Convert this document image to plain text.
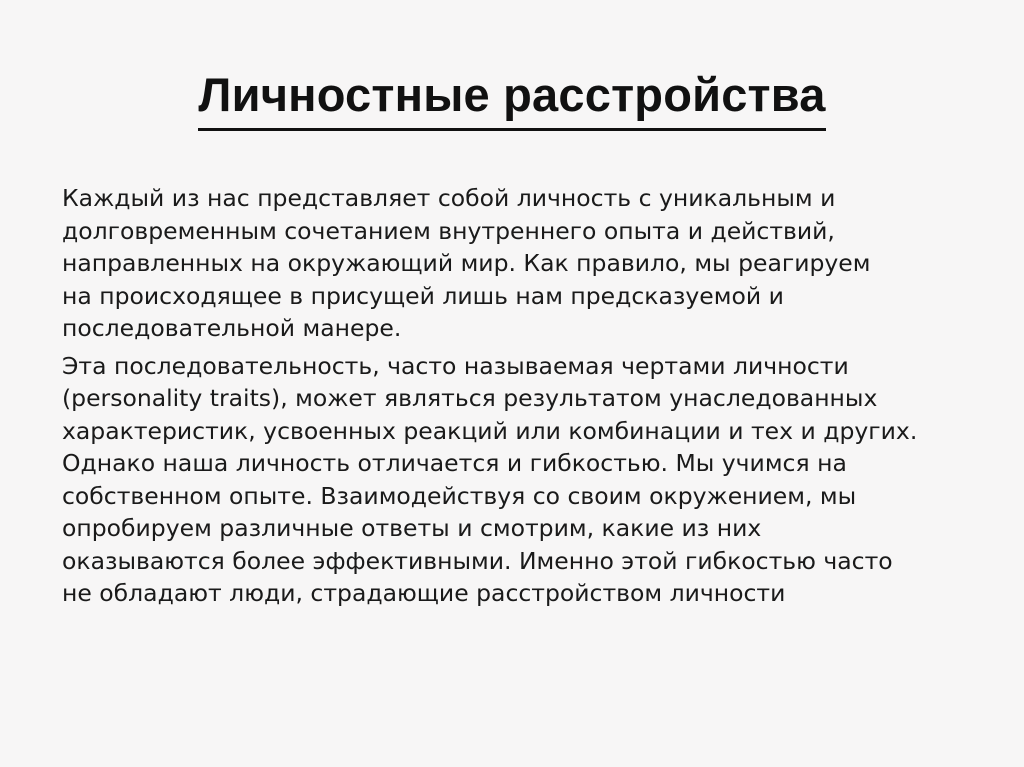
Личностные расстройства

Каждый из нас представляет собой личность с уникальным и
долговременным сочетанием внутреннего опыта и действий,
направленных на окружающий мир. Как правило, мы реагируем
на происходящее в присущей лишь нам предсказуемой и
последовательной манере.

Эта последовательность, часто называемая чертами личности
(personality traits), может являться результатом унаследованных
характеристик, усвоенных реакций или комбинации и тех и других.
Однако наша личность отличается и гибкостью. Мы учимся на
собственном опыте. Взаимодействуя со своим окружением, мы
опробируем различные ответы и смотрим, какие из них
оказываются более эффективными. Именно этой гибкостью часто
не обладают люди, страдающие расстройством личности
